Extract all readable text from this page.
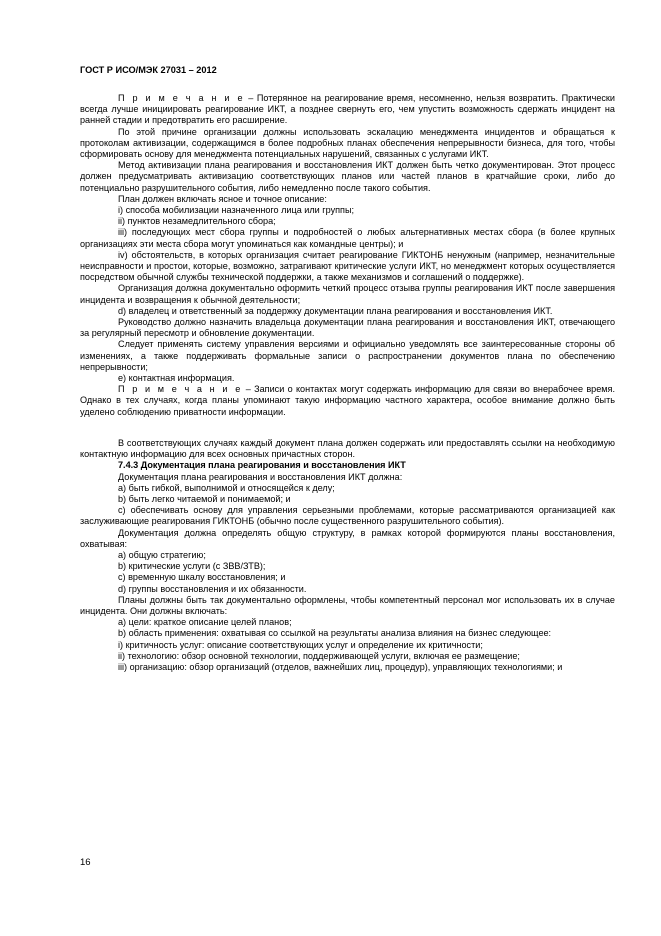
ГОСТ Р ИСО/МЭК 27031 – 2012

П р и м е ч а н и е – Потерянное на реагирование время, несомненно, нельзя возвратить. Практически всегда лучше инициировать реагирование ИКТ, а позднее свернуть его, чем упустить возможность сдержать инцидент на ранней стадии и предотвратить его расширение.

По этой причине организации должны использовать эскалацию менеджмента инцидентов и обращаться к протоколам активизации, содержащимся в более подробных планах обеспечения непрерывности бизнеса, для того, чтобы сформировать основу для менеджмента потенциальных нарушений, связанных с услугами ИКТ.

Метод активизации плана реагирования и восстановления ИКТ должен быть четко документирован. Этот процесс должен предусматривать активизацию соответствующих планов или частей планов в кратчайшие сроки, либо до потенциально разрушительного события, либо немедленно после такого события.

План должен включать ясное и точное описание:

i) способа мобилизации назначенного лица или группы;

ii) пунктов незамедлительного сбора;

iii) последующих мест сбора группы и подробностей о любых альтернативных местах сбора (в более крупных организациях эти места сбора могут упоминаться как командные центры); и

iv) обстоятельств, в которых организация считает реагирование ГИКТОНБ ненужным (например, незначительные неисправности и простои, которые, возможно, затрагивают критические услуги ИКТ, но менеджмент которых осуществляется посредством обычной службы технической поддержки, а также механизмов и соглашений о поддержке).

Организация должна документально оформить четкий процесс отзыва группы реагирования ИКТ после завершения инцидента и возвращения к обычной деятельности;

d) владелец и ответственный за поддержку документации плана реагирования и восстановления ИКТ.

Руководство должно назначить владельца документации плана реагирования и восстановления ИКТ, отвечающего за регулярный пересмотр и обновление документации.

Следует применять систему управления версиями и официально уведомлять все заинтересованные стороны об изменениях, а также поддерживать формальные записи о распространении документов плана по обеспечению непрерывности;

e) контактная информация.

П р и м е ч а н и е – Записи о контактах могут содержать информацию для связи во внерабочее время. Однако в тех случаях, когда планы упоминают такую информацию частного характера, особое внимание должно быть уделено соблюдению приватности информации.

В соответствующих случаях каждый документ плана должен содержать или предоставлять ссылки на необходимую контактную информацию для всех основных причастных сторон.

7.4.3 Документация плана реагирования и восстановления ИКТ

Документация плана реагирования и восстановления ИКТ должна:

a) быть гибкой, выполнимой и относящейся к делу;

b) быть легко читаемой и понимаемой; и

c) обеспечивать основу для управления серьезными проблемами, которые рассматриваются организацией как заслуживающие реагирования ГИКТОНБ (обычно после существенного разрушительного события).

Документация должна определять общую структуру, в рамках которой формируются планы восстановления, охватывая:

a) общую стратегию;

b) критические услуги (с ЗВВ/ЗТВ);

c) временную шкалу восстановления; и

d) группы восстановления и их обязанности.

Планы должны быть так документально оформлены, чтобы компетентный персонал мог использовать их в случае инцидента. Они должны включать:

a) цели: краткое описание целей планов;

b) область применения: охватывая со ссылкой на результаты анализа влияния на бизнес следующее:

i) критичность услуг: описание соответствующих услуг и определение их критичности;

ii) технологию: обзор основной технологии, поддерживающей услуги, включая ее размещение;

iii) организацию: обзор организаций (отделов, важнейших лиц, процедур), управляющих технологиями; и

16
